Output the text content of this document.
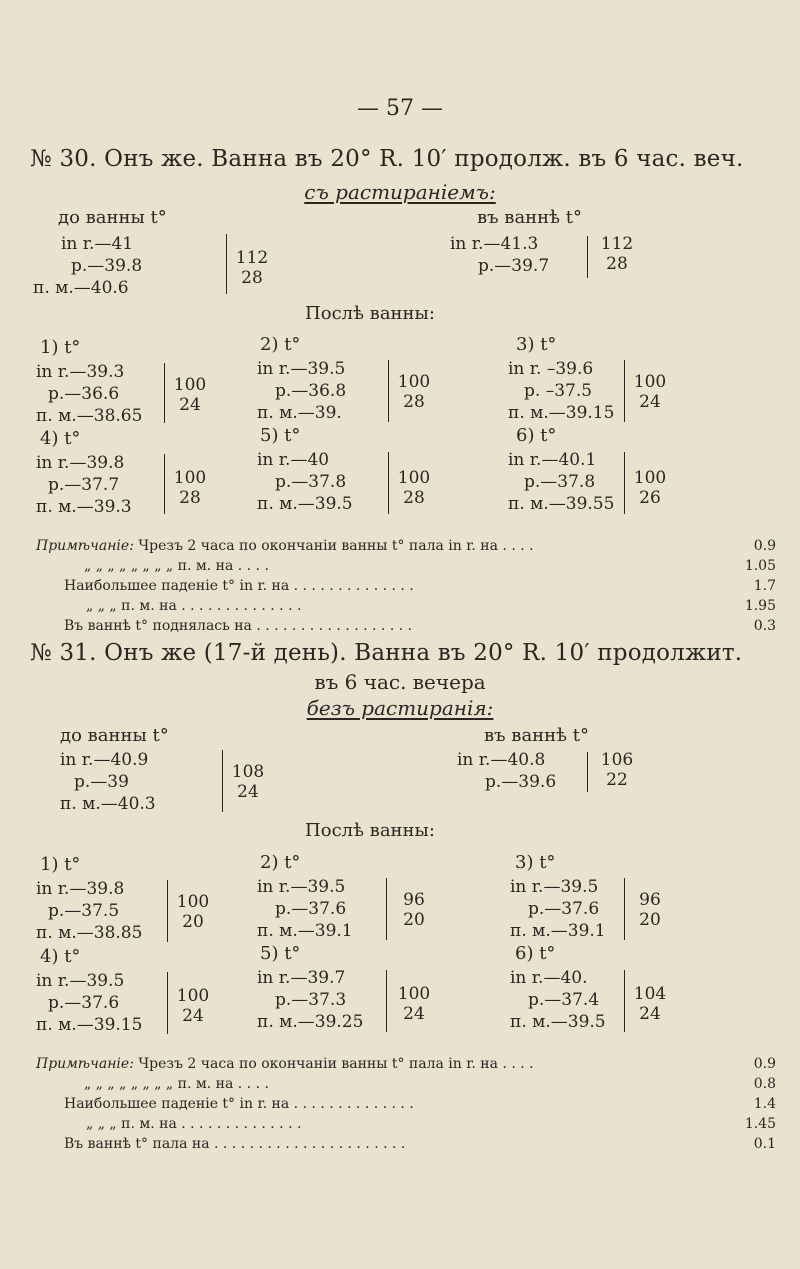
— 57 —
№ 30. Онъ же. Ванна въ 20° R. 10′ продолж. въ 6 час. веч.
съ растираніемъ:
до ванны t°
in r.—41
p.—39.8
п. м.—40.6
112
28
въ ваннѣ t°
in r.—41.3
p.—39.7
112
28
Послѣ ванны:
1) t°
in r.—39.3
p.—36.6
п. м.—38.65
100
24
2) t°
in r.—39.5
p.—36.8
п. м.—39.
100
28
3) t°
in r. –39.6
p. –37.5
п. м.—39.15
100
24
4) t°
in r.—39.8
p.—37.7
п. м.—39.3
100
28
5) t°
in r.—40
p.—37.8
п. м.—39.5
100
28
6) t°
in r.—40.1
p.—37.8
п. м.—39.55
100
26
Примѣчаніе: Чрезъ 2 часа по окончаніи ванны t° пала in r. на . . . .	0.9
„ „ „ „ „ „ „ „ п. м. на . . . .	1.05
Наибольшее паденіе t° in r. на . . . . . . . . . . . . . .	1.7
„ „ „ п. м. на . . . . . . . . . . . . . .	1.95
Въ ваннѣ t° поднялась на . . . . . . . . . . . . . . . . . .	0.3
№ 31. Онъ же (17-й день). Ванна въ 20° R. 10′ продолжит.
въ 6 час. вечера
безъ растиранія:
до ванны t°
in r.—40.9
p.—39
п. м.—40.3
108
24
въ ваннѣ t°
in r.—40.8
p.—39.6
106
22
Послѣ ванны:
1) t°
in r.—39.8
p.—37.5
п. м.—38.85
100
20
2) t°
in r.—39.5
p.—37.6
п. м.—39.1
96
20
3) t°
in r.—39.5
p.—37.6
п. м.—39.1
96
20
4) t°
in r.—39.5
p.—37.6
п. м.—39.15
100
24
5) t°
in r.—39.7
p.—37.3
п. м.—39.25
100
24
6) t°
in r.—40.
p.—37.4
п. м.—39.5
104
24
Примѣчаніе: Чрезъ 2 часа по окончаніи ванны t° пала in r. на . . . .	0.9
„ „ „ „ „ „ „ „ п. м. на . . . .	0.8
Наибольшее паденіе t° in r. на . . . . . . . . . . . . . .	1.4
„ „ „ п. м. на . . . . . . . . . . . . . .	1.45
Въ ваннѣ t° пала на . . . . . . . . . . . . . . . . . . . . . .	0.1
